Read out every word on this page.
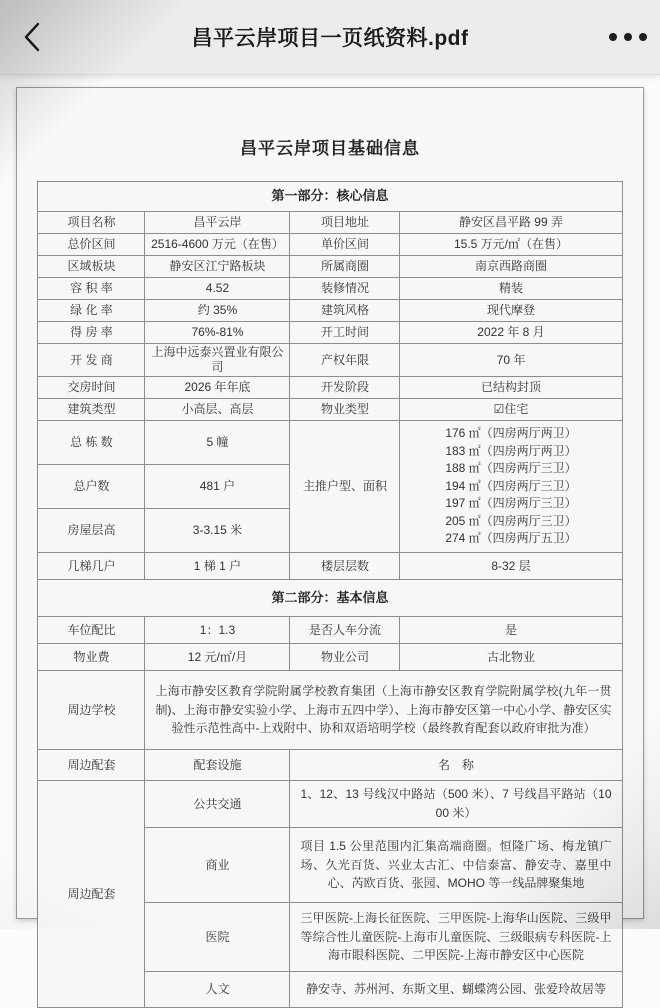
昌平云岸项目一页纸资料.pdf
昌平云岸项目基础信息
第一部分：核心信息			
项目名称	昌平云岸	项目地址	静安区昌平路 99 弄
总价区间	2516-4600 万元（在售）	单价区间	15.5 万元/㎡（在售）
区域板块	静安区江宁路板块	所属商圈	南京西路商圈
容 积 率	4.52	装修情况	精装
绿 化 率	约 35%	建筑风格	现代摩登
得 房 率	76%-81%	开工时间	2022 年 8 月
开 发 商	上海中远泰兴置业有限公司	产权年限	70 年
交房时间	2026 年年底	开发阶段	已结构封顶
建筑类型	小高层、高层	物业类型	☑住宅
总 栋 数	5 幢	主推户型、面积	
176 ㎡（四房两厅两卫）
183 ㎡（四房两厅两卫）
188 ㎡（四房两厅三卫）
194 ㎡（四房两厅三卫）
197 ㎡（四房两厅三卫）
205 ㎡（四房两厅三卫）
274 ㎡（四房两厅五卫）

总户数	481 户		
房屋层高	3-3.15 米		
几梯几户	1 梯 1 户	楼层层数	8-32 层
第二部分：基本信息			
车位配比	1：1.3	是否人车分流	是
物业费	12 元/㎡/月	物业公司	古北物业
周边学校	上海市静安区教育学院附属学校教育集团（上海市静安区教育学院附属学校(九年一贯制)、上海市静安实验小学、上海市五四中学）、上海市静安区第一中心小学、静安区实验性示范性高中-上戏附中、协和双语培明学校（最终教育配套以政府审批为准）		
周边配套	配套设施	名　称	
周边配套	公共交通	1、12、13 号线汉中路站（500 米）、7 号线昌平路站（1000 米）	
	商业	项目 1.5 公里范围内汇集高端商圈。恒隆广场、梅龙镇广场、久光百货、兴业太古汇、中信泰富、静安寺、嘉里中心、芮欧百货、张园、MOHO 等一线品牌聚集地	
	医院	三甲医院-上海长征医院、三甲医院-上海华山医院、三级甲等综合性儿童医院-上海市儿童医院、三级眼病专科医院-上海市眼科医院、二甲医院-上海市静安区中心医院	
	人文	静安寺、苏州河、东斯文里、蝴蝶湾公园、张爱玲故居等	
